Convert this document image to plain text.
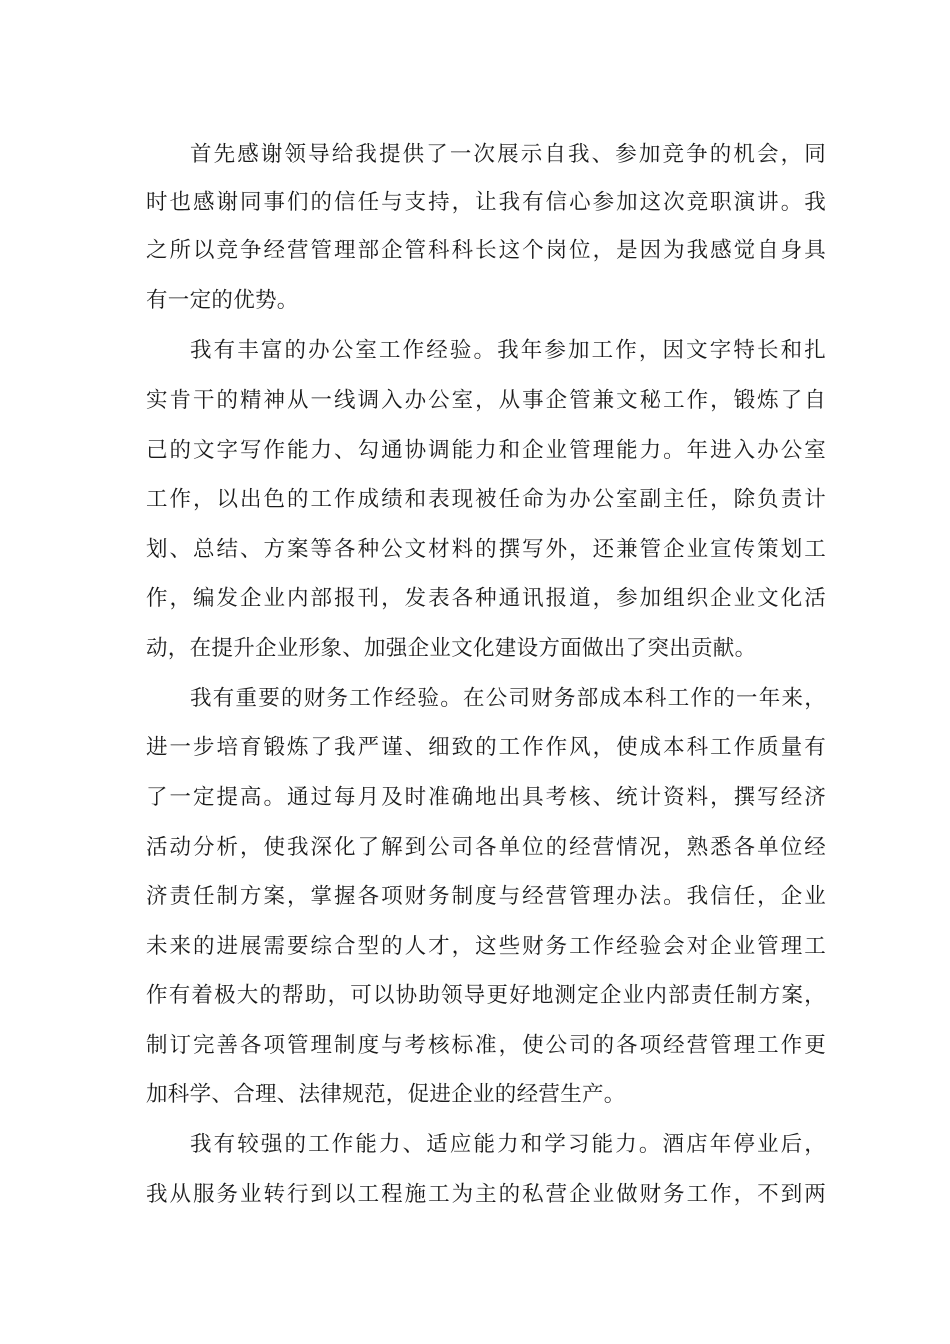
首先感谢领导给我提供了一次展示自我、参加竞争的机会，同
时也感谢同事们的信任与支持，让我有信心参加这次竞职演讲。我
之所以竞争经营管理部企管科科长这个岗位，是因为我感觉自身具
有一定的优势。
我有丰富的办公室工作经验。我年参加工作，因文字特长和扎
实肯干的精神从一线调入办公室，从事企管兼文秘工作，锻炼了自
己的文字写作能力、勾通协调能力和企业管理能力。年进入办公室
工作，以出色的工作成绩和表现被任命为办公室副主任，除负责计
划、总结、方案等各种公文材料的撰写外，还兼管企业宣传策划工
作，编发企业内部报刊，发表各种通讯报道，参加组织企业文化活
动，在提升企业形象、加强企业文化建设方面做出了突出贡献。
我有重要的财务工作经验。在公司财务部成本科工作的一年来，
进一步培育锻炼了我严谨、细致的工作作风，使成本科工作质量有
了一定提高。通过每月及时准确地出具考核、统计资料，撰写经济
活动分析，使我深化了解到公司各单位的经营情况，熟悉各单位经
济责任制方案，掌握各项财务制度与经营管理办法。我信任，企业
未来的进展需要综合型的人才，这些财务工作经验会对企业管理工
作有着极大的帮助，可以协助领导更好地测定企业内部责任制方案，
制订完善各项管理制度与考核标准，使公司的各项经营管理工作更
加科学、合理、法律规范，促进企业的经营生产。
我有较强的工作能力、适应能力和学习能力。酒店年停业后，
我从服务业转行到以工程施工为主的私营企业做财务工作，不到两
